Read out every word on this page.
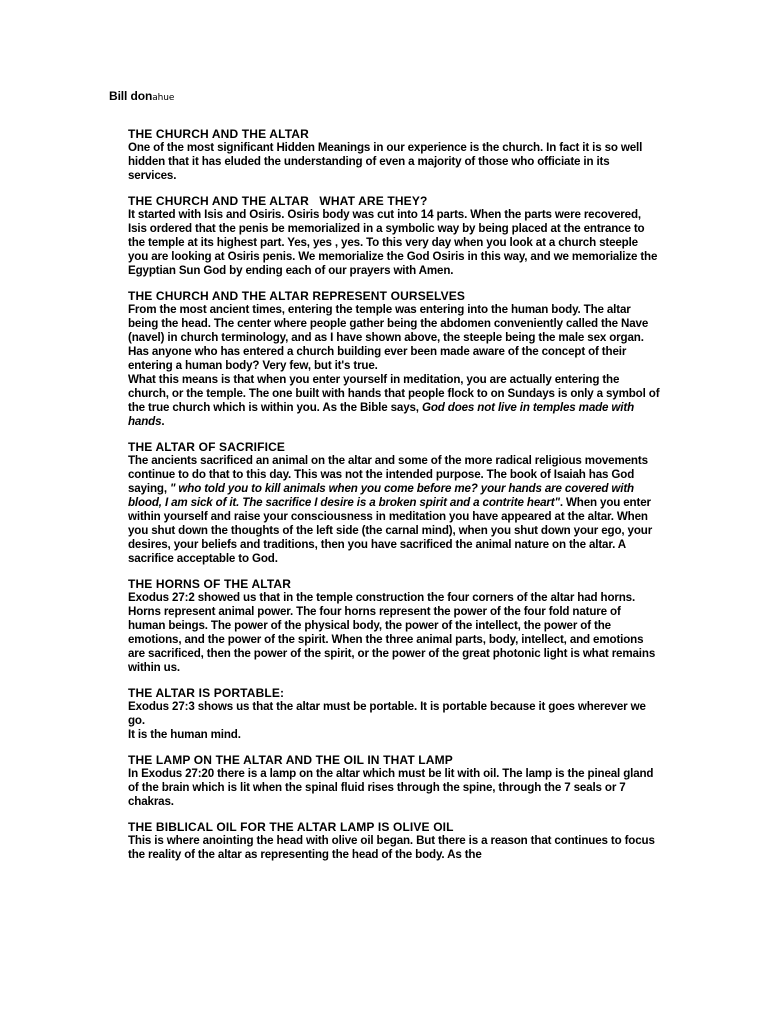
Bill donahue
THE CHURCH AND THE ALTAR

One of the most significant Hidden Meanings in our experience is the church. In fact it is so well hidden that it has eluded the understanding of even a majority of those who officiate in its services.

THE CHURCH AND THE ALTAR   WHAT ARE THEY?

It started with Isis and Osiris. Osiris body was cut into 14 parts. When the parts were recovered, Isis ordered that the penis be memorialized in a symbolic way by being placed at the entrance to the temple at its highest part. Yes, yes , yes. To this very day when you look at a church steeple you are looking at Osiris penis. We memorialize the God Osiris in this way, and we memorialize the Egyptian Sun God by ending each of our prayers with Amen.

THE CHURCH AND THE ALTAR REPRESENT OURSELVES

From the most ancient times, entering the temple was entering into the human body. The altar being the head. The center where people gather being the abdomen conveniently called the Nave (navel) in church terminology, and as I have shown above, the steeple being the male sex organ. Has anyone who has entered a church building ever been made aware of the concept of their entering a human body? Very few, but it's true.

What this means is that when you enter yourself in meditation, you are actually entering the church, or the temple. The one built with hands that people flock to on Sundays is only a symbol of the true church which is within you. As the Bible says, God does not live in temples made with hands.

THE ALTAR OF SACRIFICE

The ancients sacrificed an animal on the altar and some of the more radical religious movements continue to do that to this day. This was not the intended purpose. The book of Isaiah has God saying, " who told you to kill animals when you come before me? your hands are covered with blood, I am sick of it. The sacrifice I desire is a broken spirit and a contrite heart". When you enter within yourself and raise your consciousness in meditation you have appeared at the altar. When you shut down the thoughts of the left side (the carnal mind), when you shut down your ego, your desires, your beliefs and traditions, then you have sacrificed the animal nature on the altar. A sacrifice acceptable to God.

THE HORNS OF THE ALTAR

Exodus 27:2 showed us that in the temple construction the four corners of the altar had horns. Horns represent animal power. The four horns represent the power of the four fold nature of human beings. The power of the physical body, the power of the intellect, the power of the emotions, and the power of the spirit. When the three animal parts, body, intellect, and emotions are sacrificed, then the power of the spirit, or the power of the great photonic light is what remains within us.

THE ALTAR IS PORTABLE:

Exodus 27:3 shows us that the altar must be portable. It is portable because it goes wherever we go.

It is the human mind.

THE LAMP ON THE ALTAR AND THE OIL IN THAT LAMP

In Exodus 27:20 there is a lamp on the altar which must be lit with oil. The lamp is the pineal gland of the brain which is lit when the spinal fluid rises through the spine, through the 7 seals or 7 chakras.

THE BIBLICAL OIL FOR THE ALTAR LAMP IS OLIVE OIL

This is where anointing the head with olive oil began. But there is a reason that continues to focus the reality of the altar as representing the head of the body. As the
